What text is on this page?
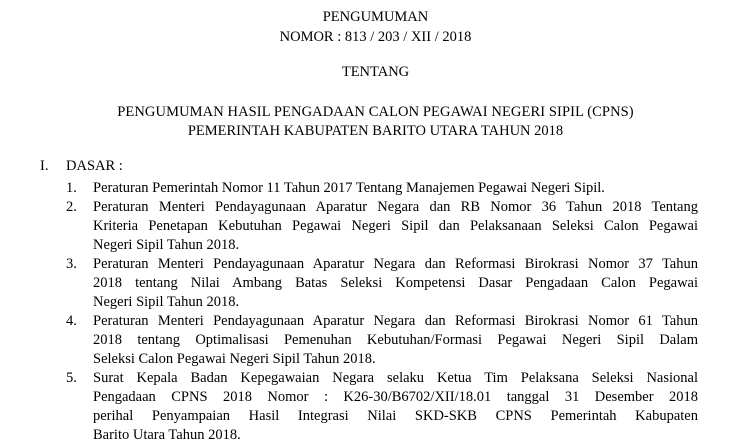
PENGUMUMAN
NOMOR : 813 / 203 / XII / 2018
TENTANG
PENGUMUMAN HASIL PENGADAAN CALON PEGAWAI NEGERI SIPIL (CPNS)
PEMERINTAH KABUPATEN BARITO UTARA TAHUN 2018
I. DASAR :
1. Peraturan Pemerintah Nomor 11 Tahun 2017 Tentang Manajemen Pegawai Negeri Sipil.
2. Peraturan Menteri Pendayagunaan Aparatur Negara dan RB Nomor 36 Tahun 2018 Tentang
Kriteria Penetapan Kebutuhan Pegawai Negeri Sipil dan Pelaksanaan Seleksi Calon Pegawai
Negeri Sipil Tahun 2018.
3. Peraturan Menteri Pendayagunaan Aparatur Negara dan Reformasi Birokrasi Nomor 37 Tahun
2018 tentang Nilai Ambang Batas Seleksi Kompetensi Dasar Pengadaan Calon Pegawai
Negeri Sipil Tahun 2018.
4. Peraturan Menteri Pendayagunaan Aparatur Negara dan Reformasi Birokrasi Nomor 61 Tahun
2018 tentang Optimalisasi Pemenuhan Kebutuhan/Formasi Pegawai Negeri Sipil Dalam
Seleksi Calon Pegawai Negeri Sipil Tahun 2018.
5. Surat Kepala Badan Kepegawaian Negara selaku Ketua Tim Pelaksana Seleksi Nasional
Pengadaan CPNS 2018 Nomor : K26-30/B6702/XII/18.01 tanggal 31 Desember 2018
perihal Penyampaian Hasil Integrasi Nilai SKD-SKB CPNS Pemerintah Kabupaten
Barito Utara Tahun 2018.
